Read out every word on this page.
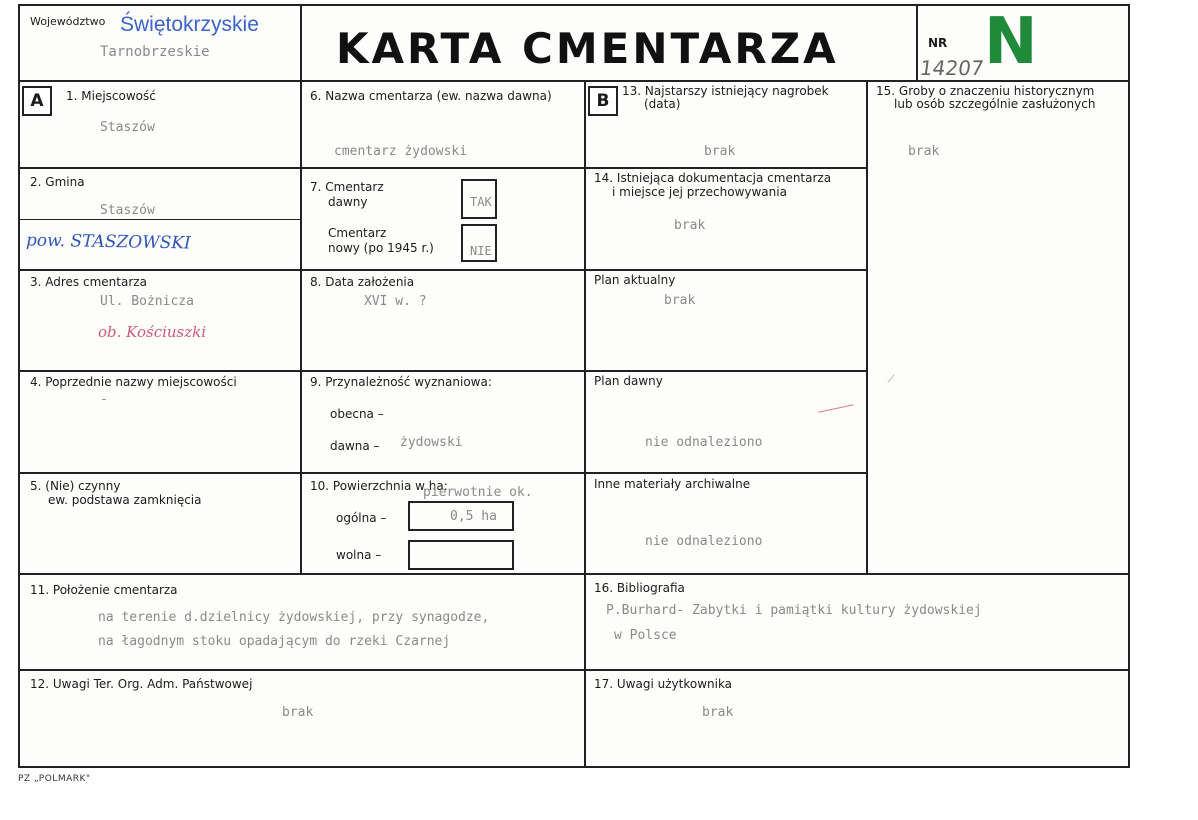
Województwo Świętokrzyskie
Tarnobrzeskie	KARTA CMENTARZA	NR
14207
N
A	B
1. Miejscowość
Staszów
2. Gmina
Staszów
pow. STASZOWSKI
3. Adres cmentarza
Ul. Bożnicza
ob. Kościuszki
4. Poprzednie nazwy miejscowości
-
5. (Nie) czynny
ew. podstawa zamknięcia
6. Nazwa cmentarza (ew. nazwa dawna)
cmentarz żydowski
7. Cmentarz
dawny	TAK
Cmentarz
nowy (po 1945 r.)	NIE
8. Data założenia
XVI w. ?
9. Przynależność wyznaniowa:
obecna –
dawna – żydowski
10. Powierzchnia w ha:
pierwotnie ok.
ogólna –	0,5 ha
wolna –
13. Najstarszy istniejący nagrobek
(data)
brak
14. Istniejąca dokumentacja cmentarza
i miejsce jej przechowywania
brak
Plan aktualny
brak
Plan dawny
nie odnaleziono
Inne materiały archiwalne
nie odnaleziono
15. Groby o znaczeniu historycznym
lub osób szczególnie zasłużonych
brak
11. Położenie cmentarza
na terenie d.dzielnicy żydowskiej, przy synagodze,
na łagodnym stoku opadającym do rzeki Czarnej
16. Bibliografia
P.Burhard- Zabytki i pamiątki kultury żydowskiej
w Polsce
12. Uwagi Ter. Org. Adm. Państwowej
brak
17. Uwagi użytkownika
brak
PZ „POLMARK"
